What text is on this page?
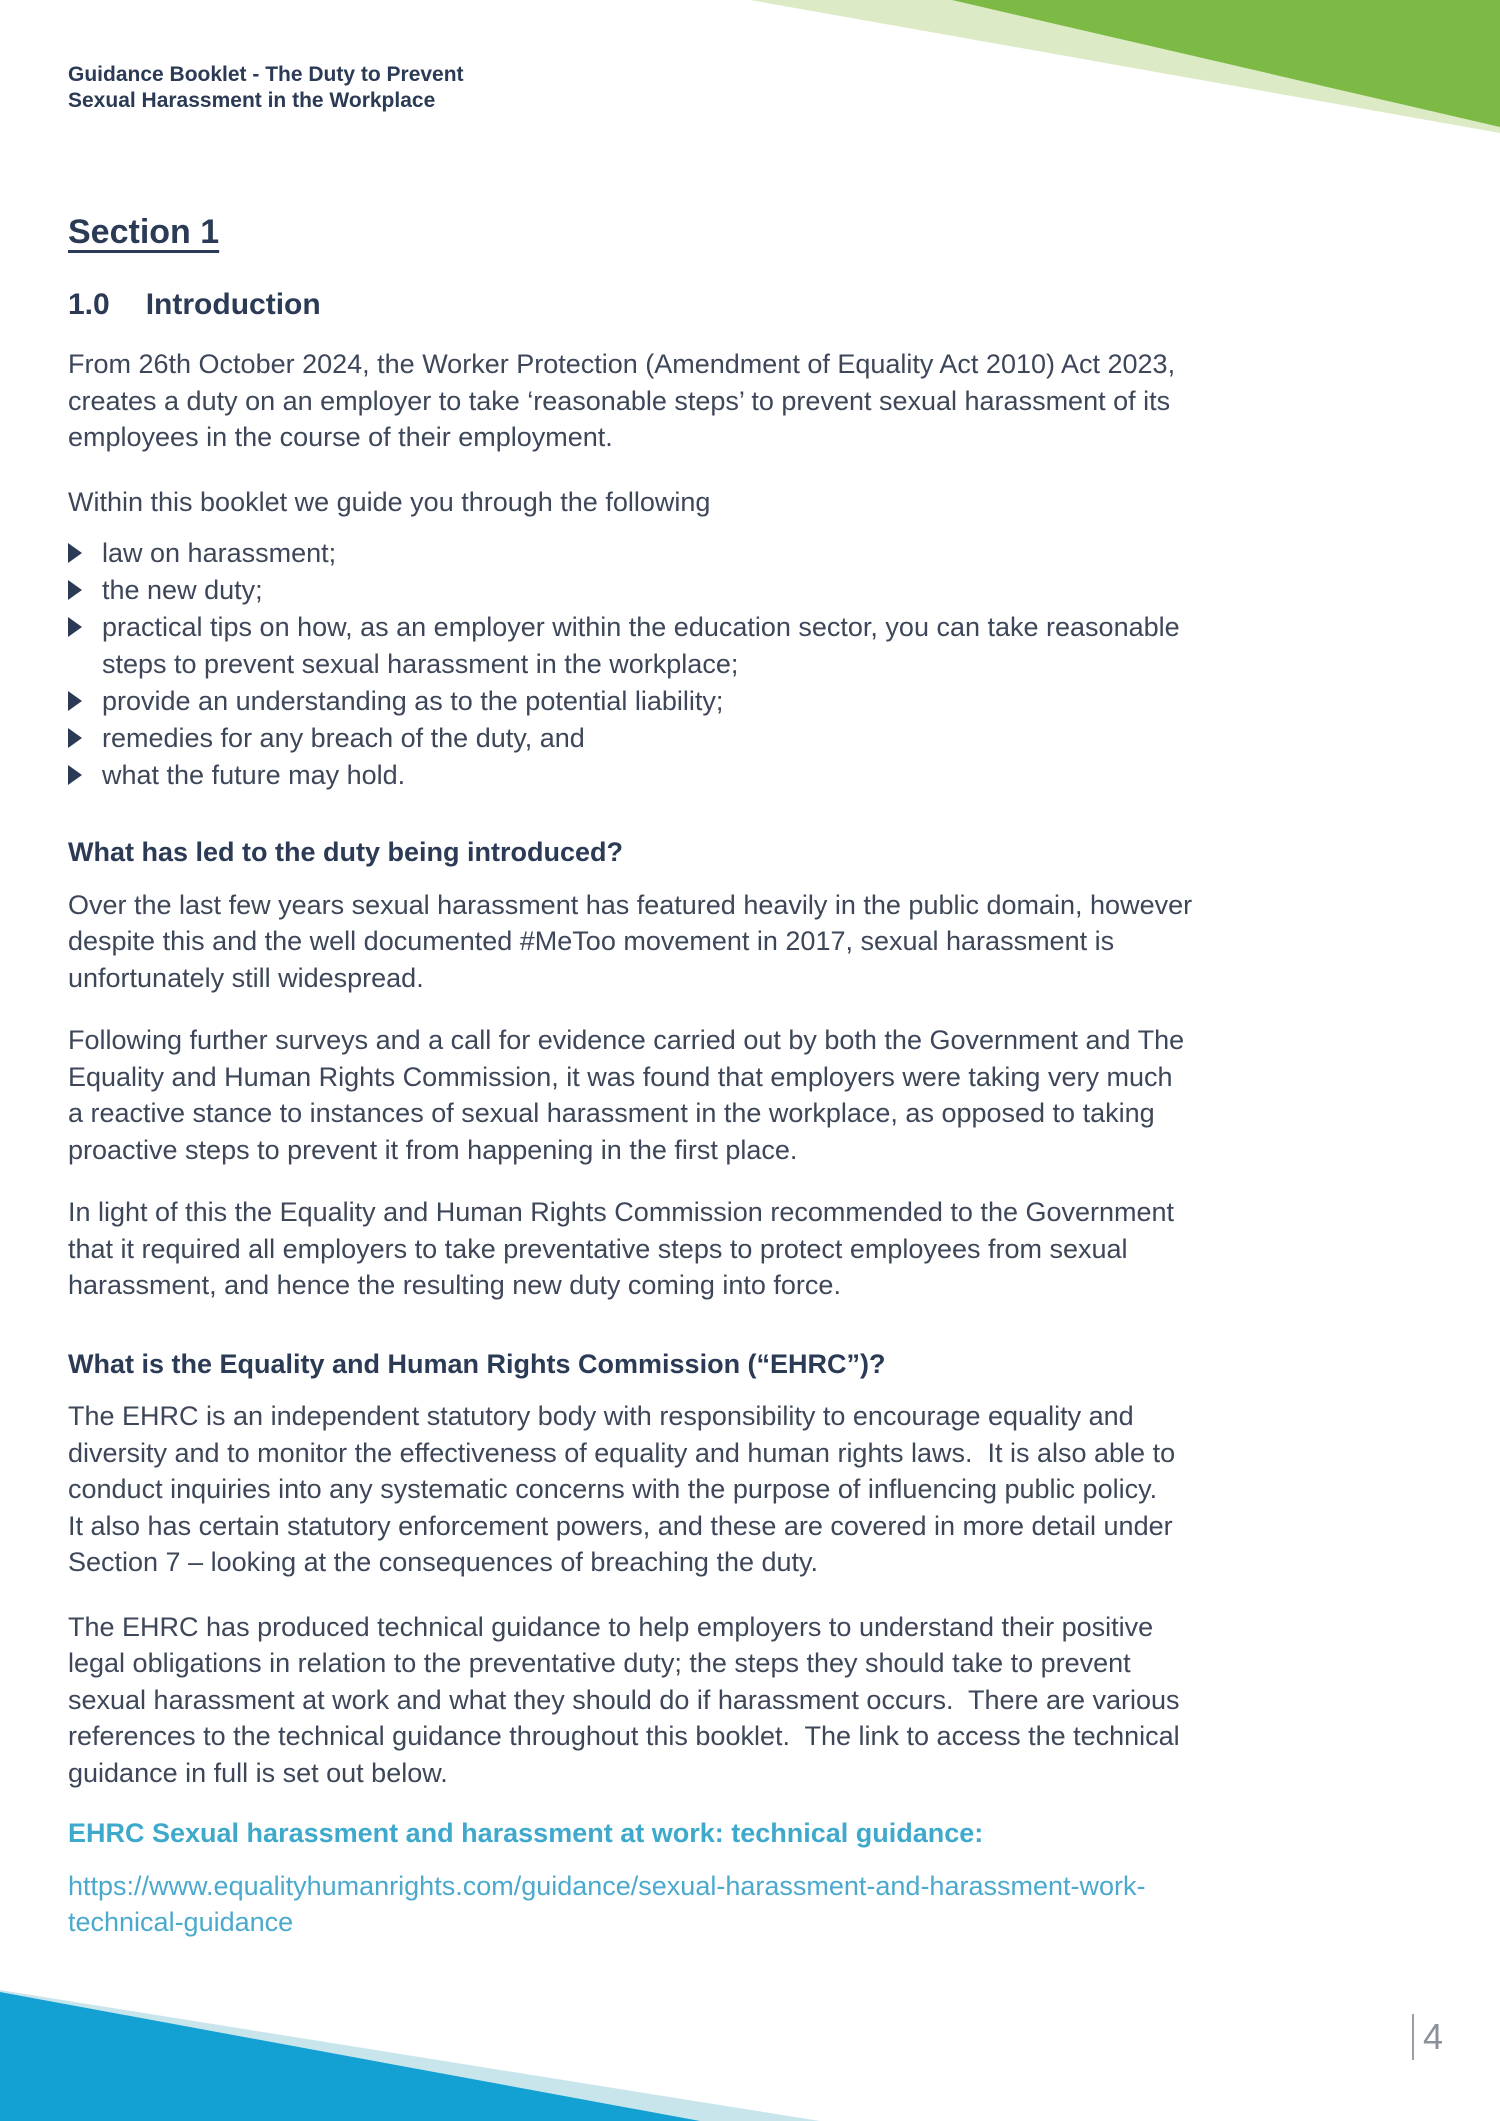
Guidance Booklet - The Duty to Prevent
Sexual Harassment in the Workplace
Section 1
1.0 Introduction
From 26th October 2024, the Worker Protection (Amendment of Equality Act 2010) Act 2023,
creates a duty on an employer to take ‘reasonable steps’ to prevent sexual harassment of its
employees in the course of their employment.
Within this booklet we guide you through the following
law on harassment;
the new duty;
practical tips on how, as an employer within the education sector, you can take reasonable
steps to prevent sexual harassment in the workplace;
provide an understanding as to the potential liability;
remedies for any breach of the duty, and
what the future may hold.
What has led to the duty being introduced?
Over the last few years sexual harassment has featured heavily in the public domain, however
despite this and the well documented #MeToo movement in 2017, sexual harassment is
unfortunately still widespread.
Following further surveys and a call for evidence carried out by both the Government and The
Equality and Human Rights Commission, it was found that employers were taking very much
a reactive stance to instances of sexual harassment in the workplace, as opposed to taking
proactive steps to prevent it from happening in the first place.
In light of this the Equality and Human Rights Commission recommended to the Government
that it required all employers to take preventative steps to protect employees from sexual
harassment, and hence the resulting new duty coming into force.
What is the Equality and Human Rights Commission (“EHRC”)?
The EHRC is an independent statutory body with responsibility to encourage equality and
diversity and to monitor the effectiveness of equality and human rights laws.  It is also able to
conduct inquiries into any systematic concerns with the purpose of influencing public policy.
It also has certain statutory enforcement powers, and these are covered in more detail under
Section 7 – looking at the consequences of breaching the duty.
The EHRC has produced technical guidance to help employers to understand their positive
legal obligations in relation to the preventative duty; the steps they should take to prevent
sexual harassment at work and what they should do if harassment occurs.  There are various
references to the technical guidance throughout this booklet.  The link to access the technical
guidance in full is set out below.
EHRC Sexual harassment and harassment at work: technical guidance:
https://www.equalityhumanrights.com/guidance/sexual-harassment-and-harassment-work-
technical-guidance
4
